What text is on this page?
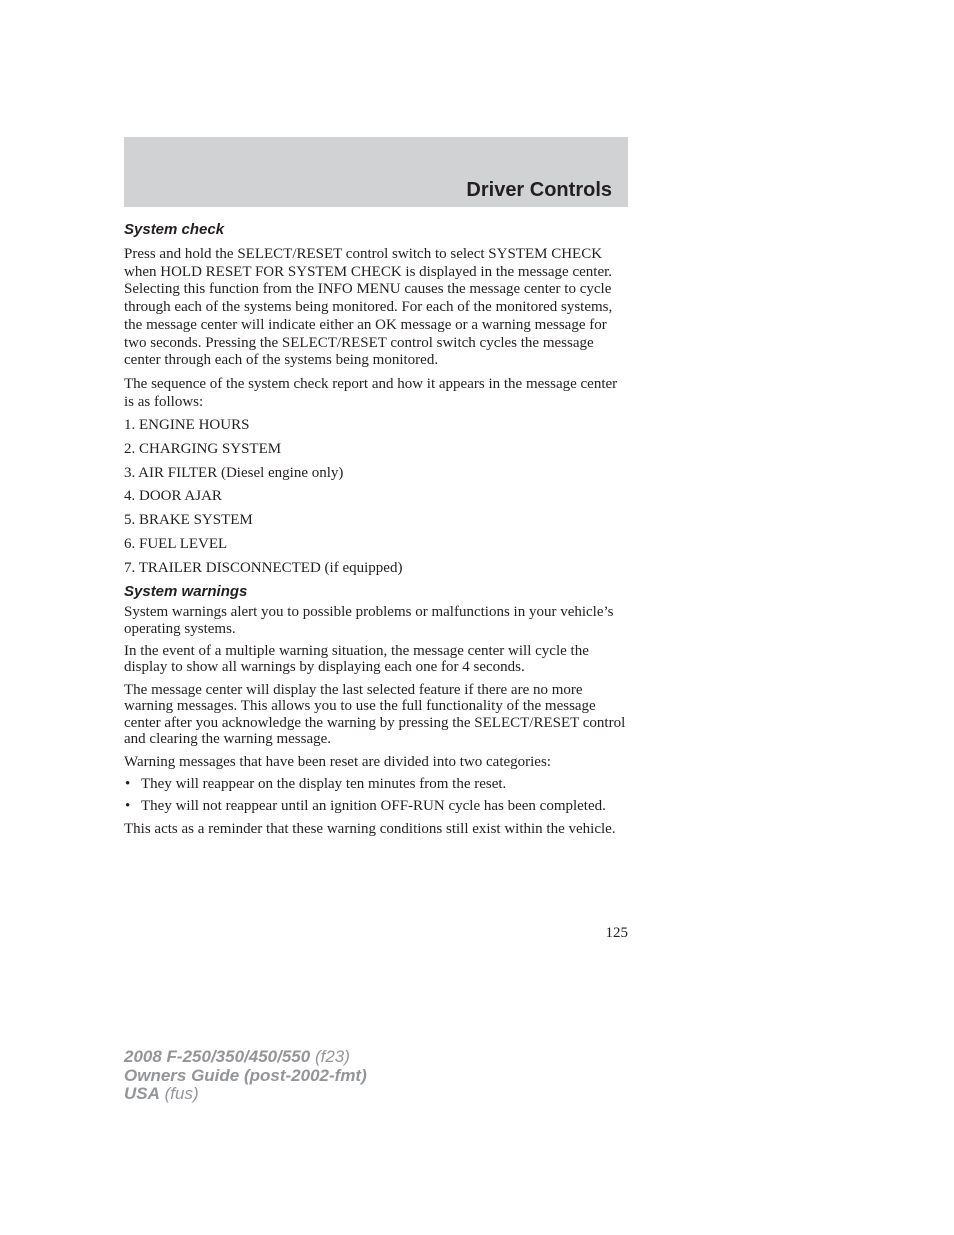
Driver Controls
System check

Press and hold the SELECT/RESET control switch to select SYSTEM CHECK when HOLD RESET FOR SYSTEM CHECK is displayed in the message center. Selecting this function from the INFO MENU causes the message center to cycle through each of the systems being monitored. For each of the monitored systems, the message center will indicate either an OK message or a warning message for two seconds. Pressing the SELECT/RESET control switch cycles the message center through each of the systems being monitored.

The sequence of the system check report and how it appears in the message center is as follows:

1. ENGINE HOURS
2. CHARGING SYSTEM
3. AIR FILTER (Diesel engine only)
4. DOOR AJAR
5. BRAKE SYSTEM
6. FUEL LEVEL
7. TRAILER DISCONNECTED (if equipped)
System warnings

System warnings alert you to possible problems or malfunctions in your vehicle’s operating systems.

In the event of a multiple warning situation, the message center will cycle the display to show all warnings by displaying each one for 4 seconds.

The message center will display the last selected feature if there are no more warning messages. This allows you to use the full functionality of the message center after you acknowledge the warning by pressing the SELECT/RESET control and clearing the warning message.

Warning messages that have been reset are divided into two categories:

• They will reappear on the display ten minutes from the reset.
• They will not reappear until an ignition OFF-RUN cycle has been completed.

This acts as a reminder that these warning conditions still exist within the vehicle.

125
2008 F-250/350/450/550 (f23)
Owners Guide (post-2002-fmt)
USA (fus)
